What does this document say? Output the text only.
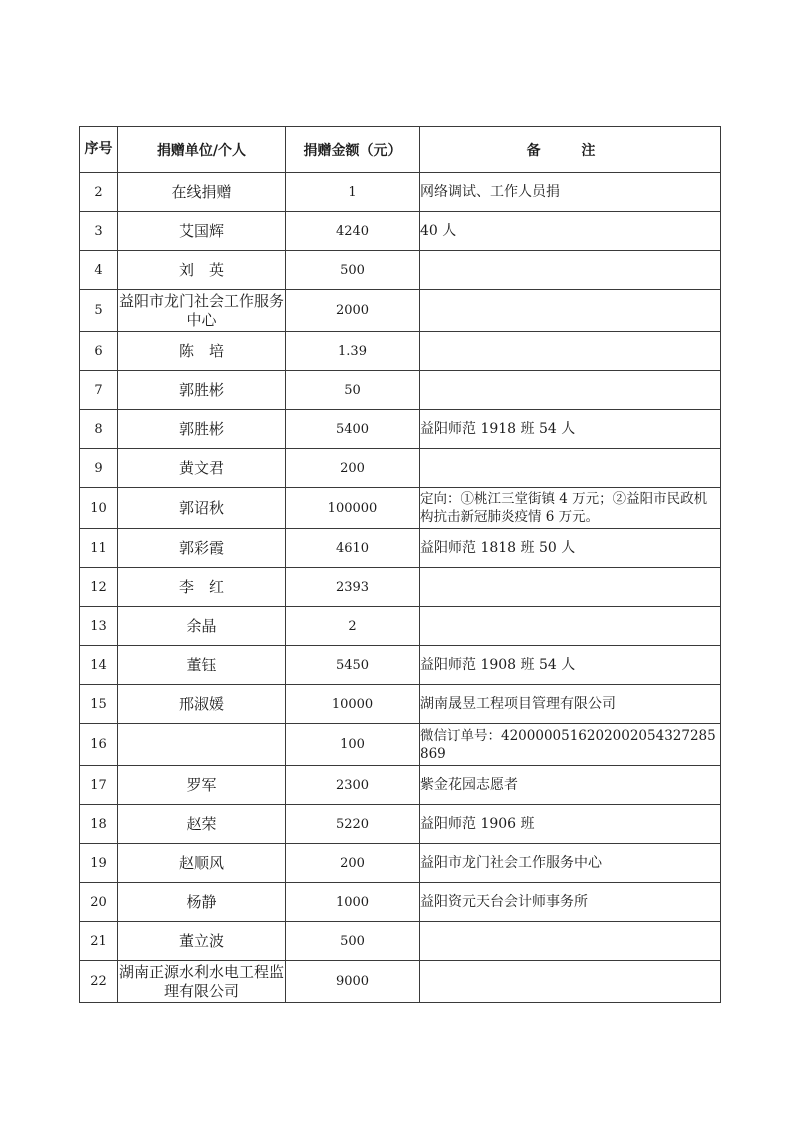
序号	捐赠单位/个人	捐赠金额（元）	备 注
2	在线捐赠	1	网络调试、工作人员捐
3	艾国辉	4240	40 人
4	刘　英	500	
5	益阳市龙门社会工作服务中心	2000	
6	陈　培	1.39	
7	郭胜彬	50	
8	郭胜彬	5400	益阳师范 1918 班 54 人
9	黄文君	200	
10	郭诏秋	100000	定向：①桃江三堂街镇 4 万元；②益阳市民政机构抗击新冠肺炎疫情 6 万元。
11	郭彩霞	4610	益阳师范 1818 班 50 人
12	李　红	2393	
13	余晶	2	
14	董钰	5450	益阳师范 1908 班 54 人
15	邢淑媛	10000	湖南晟昱工程项目管理有限公司
16		100	微信订单号：4200000516202002054327285869
17	罗军	2300	紫金花园志愿者
18	赵荣	5220	益阳师范 1906 班
19	赵顺风	200	益阳市龙门社会工作服务中心
20	杨静	1000	益阳资元天台会计师事务所
21	董立波	500	
22	湖南正源水利水电工程监理有限公司	9000	
